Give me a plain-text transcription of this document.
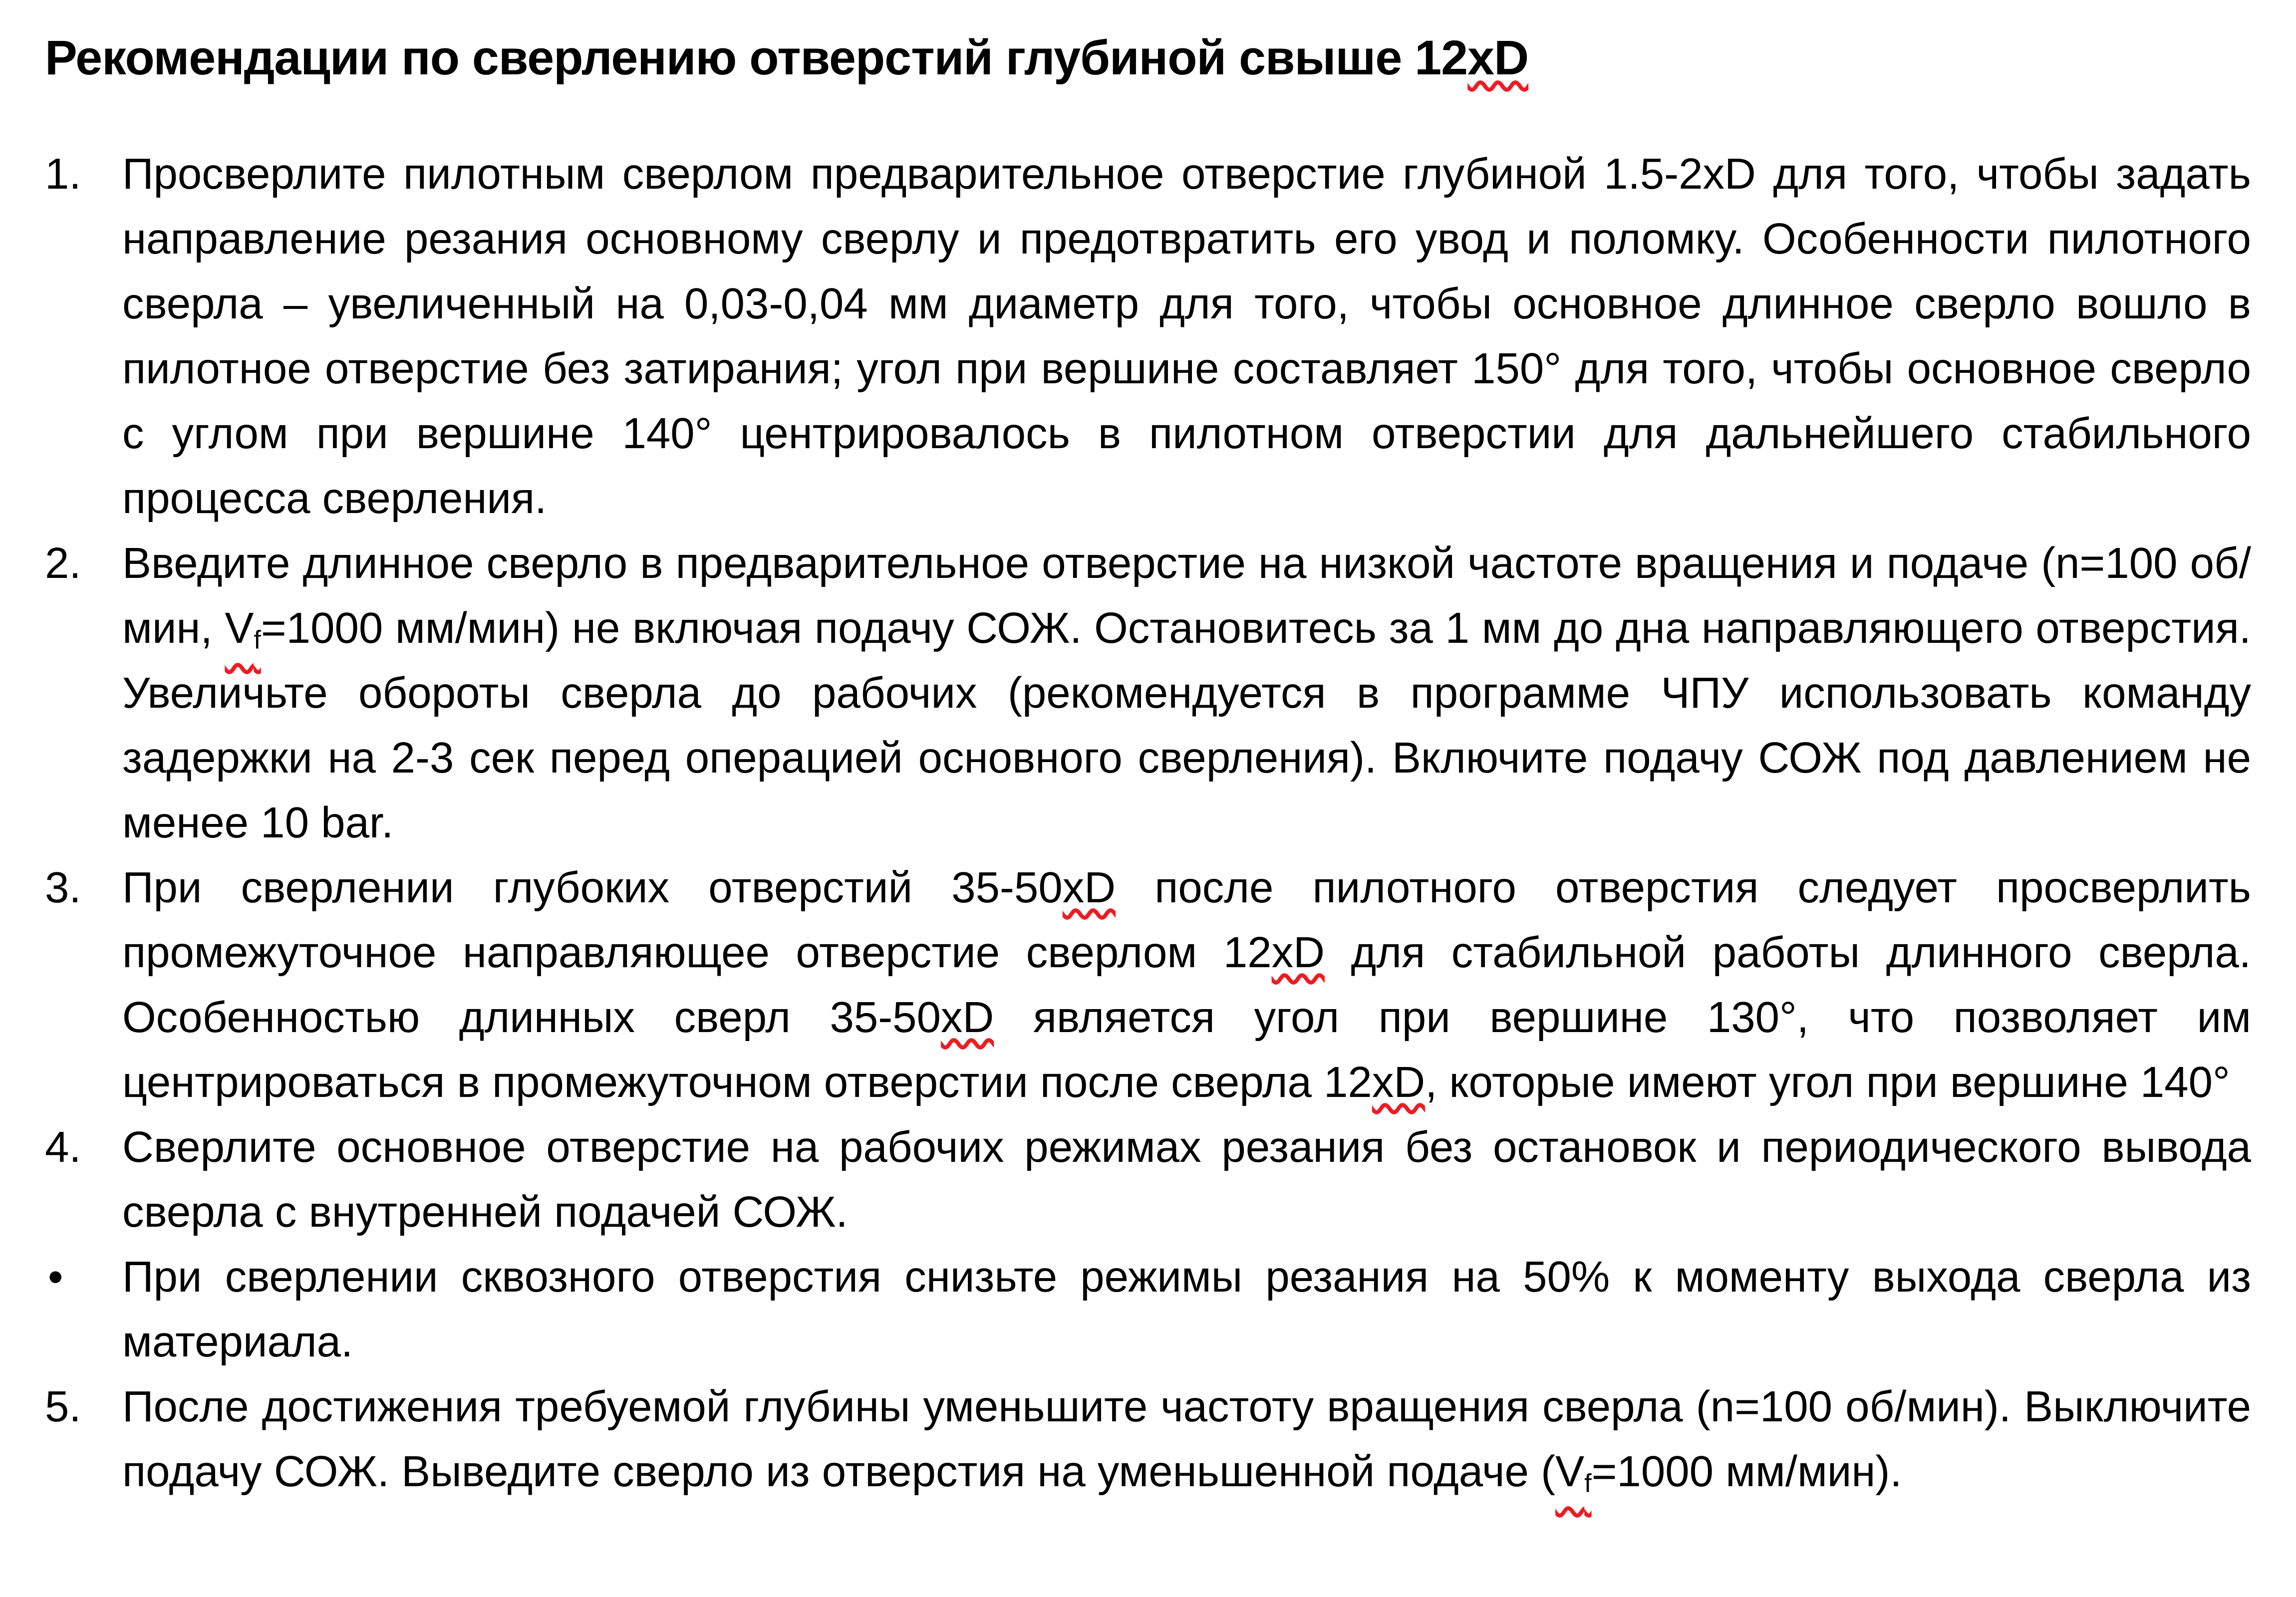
Рекомендации по сверлению отверстий глубиной свыше 12xD
1. Просверлите пилотным сверлом предварительное отверстие глубиной 1.5-2xD для того, чтобы задать направление резания основному сверлу и предотвратить его увод и поломку. Особенности пилотного сверла – увеличенный на 0,03-0,04 мм диаметр для того, чтобы основное длинное сверло вошло в пилотное отверстие без затирания; угол при вершине составляет 150° для того, чтобы основное сверло с углом при вершине 140° центрировалось в пилотном отверстии для дальнейшего стабильного процесса сверления.
2. Введите длинное сверло в предварительное отверстие на низкой частоте вращения и подаче (n=100 об/мин, $V_f=1000$ мм/мин) не включая подачу СОЖ. Остановитесь за 1 мм до дна направляющего отверстия. Увеличьте обороты сверла до рабочих (рекомендуется в программе ЧПУ использовать команду задержки на 2-3 сек перед операцией основного сверления). Включите подачу СОЖ под давлением не менее 10 bar.
3. При сверлении глубоких отверстий 35-50xD после пилотного отверстия следует просверлить промежуточное направляющее отверстие сверлом 12xD для стабильной работы длинного сверла. Особенностью длинных сверл 35-50xD является угол при вершине 130°, что позволяет им центрироваться в промежуточном отверстии после сверла 12xD, которые имеют угол при вершине 140°
4. Сверлите основное отверстие на рабочих режимах резания без остановок и периодического вывода сверла с внутренней подачей СОЖ.
• При сверлении сквозного отверстия снизьте режимы резания на 50% к моменту выхода сверла из материала.
5. После достижения требуемой глубины уменьшите частоту вращения сверла (n=100 об/мин). Выключите подачу СОЖ. Выведите сверло из отверстия на уменьшенной подаче ($V_f=1000$ мм/мин).
